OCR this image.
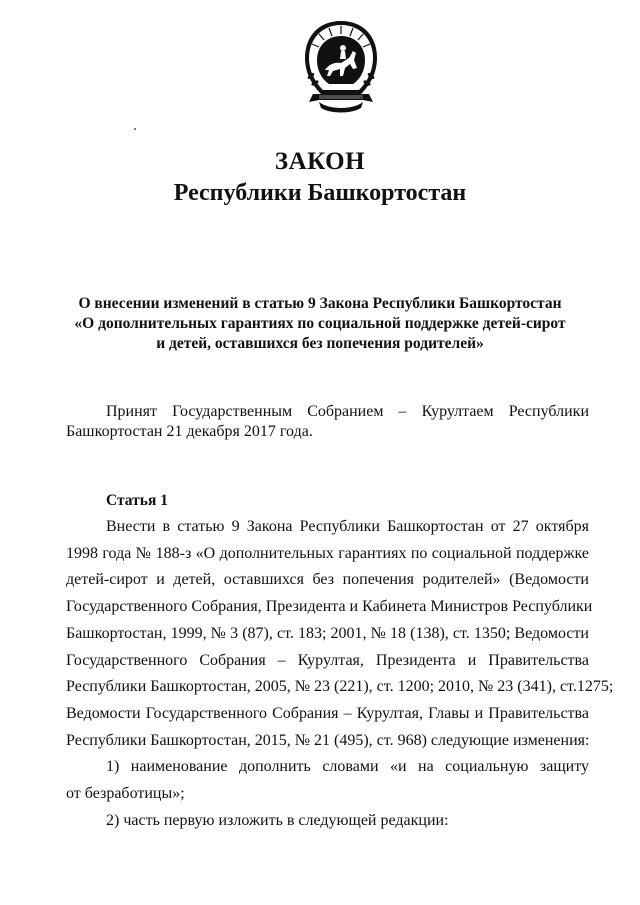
ЗАКОН
Республики Башкортостан
О внесении изменений в статью 9 Закона Республики Башкортостан
«О дополнительных гарантиях по социальной поддержке детей-сирот
и детей, оставшихся без попечения родителей»
Принят Государственным Собранием – Курултаем Республики
Башкортостан 21 декабря 2017 года.
Статья 1
Внести в статью 9 Закона Республики Башкортостан от 27 октября
1998 года № 188-з «О дополнительных гарантиях по социальной поддержке
детей-сирот и детей, оставшихся без попечения родителей» (Ведомости
Государственного Собрания, Президента и Кабинета Министров Республики
Башкортостан, 1999, № 3 (87), ст. 183; 2001, № 18 (138), ст. 1350; Ведомости
Государственного Собрания – Курултая, Президента и Правительства
Республики Башкортостан, 2005, № 23 (221), ст. 1200; 2010, № 23 (341), ст.1275;
Ведомости Государственного Собрания – Курултая, Главы и Правительства
Республики Башкортостан, 2015, № 21 (495), ст. 968) следующие изменения:
1) наименование дополнить словами «и на социальную защиту
от безработицы»;
2) часть первую изложить в следующей редакции:
